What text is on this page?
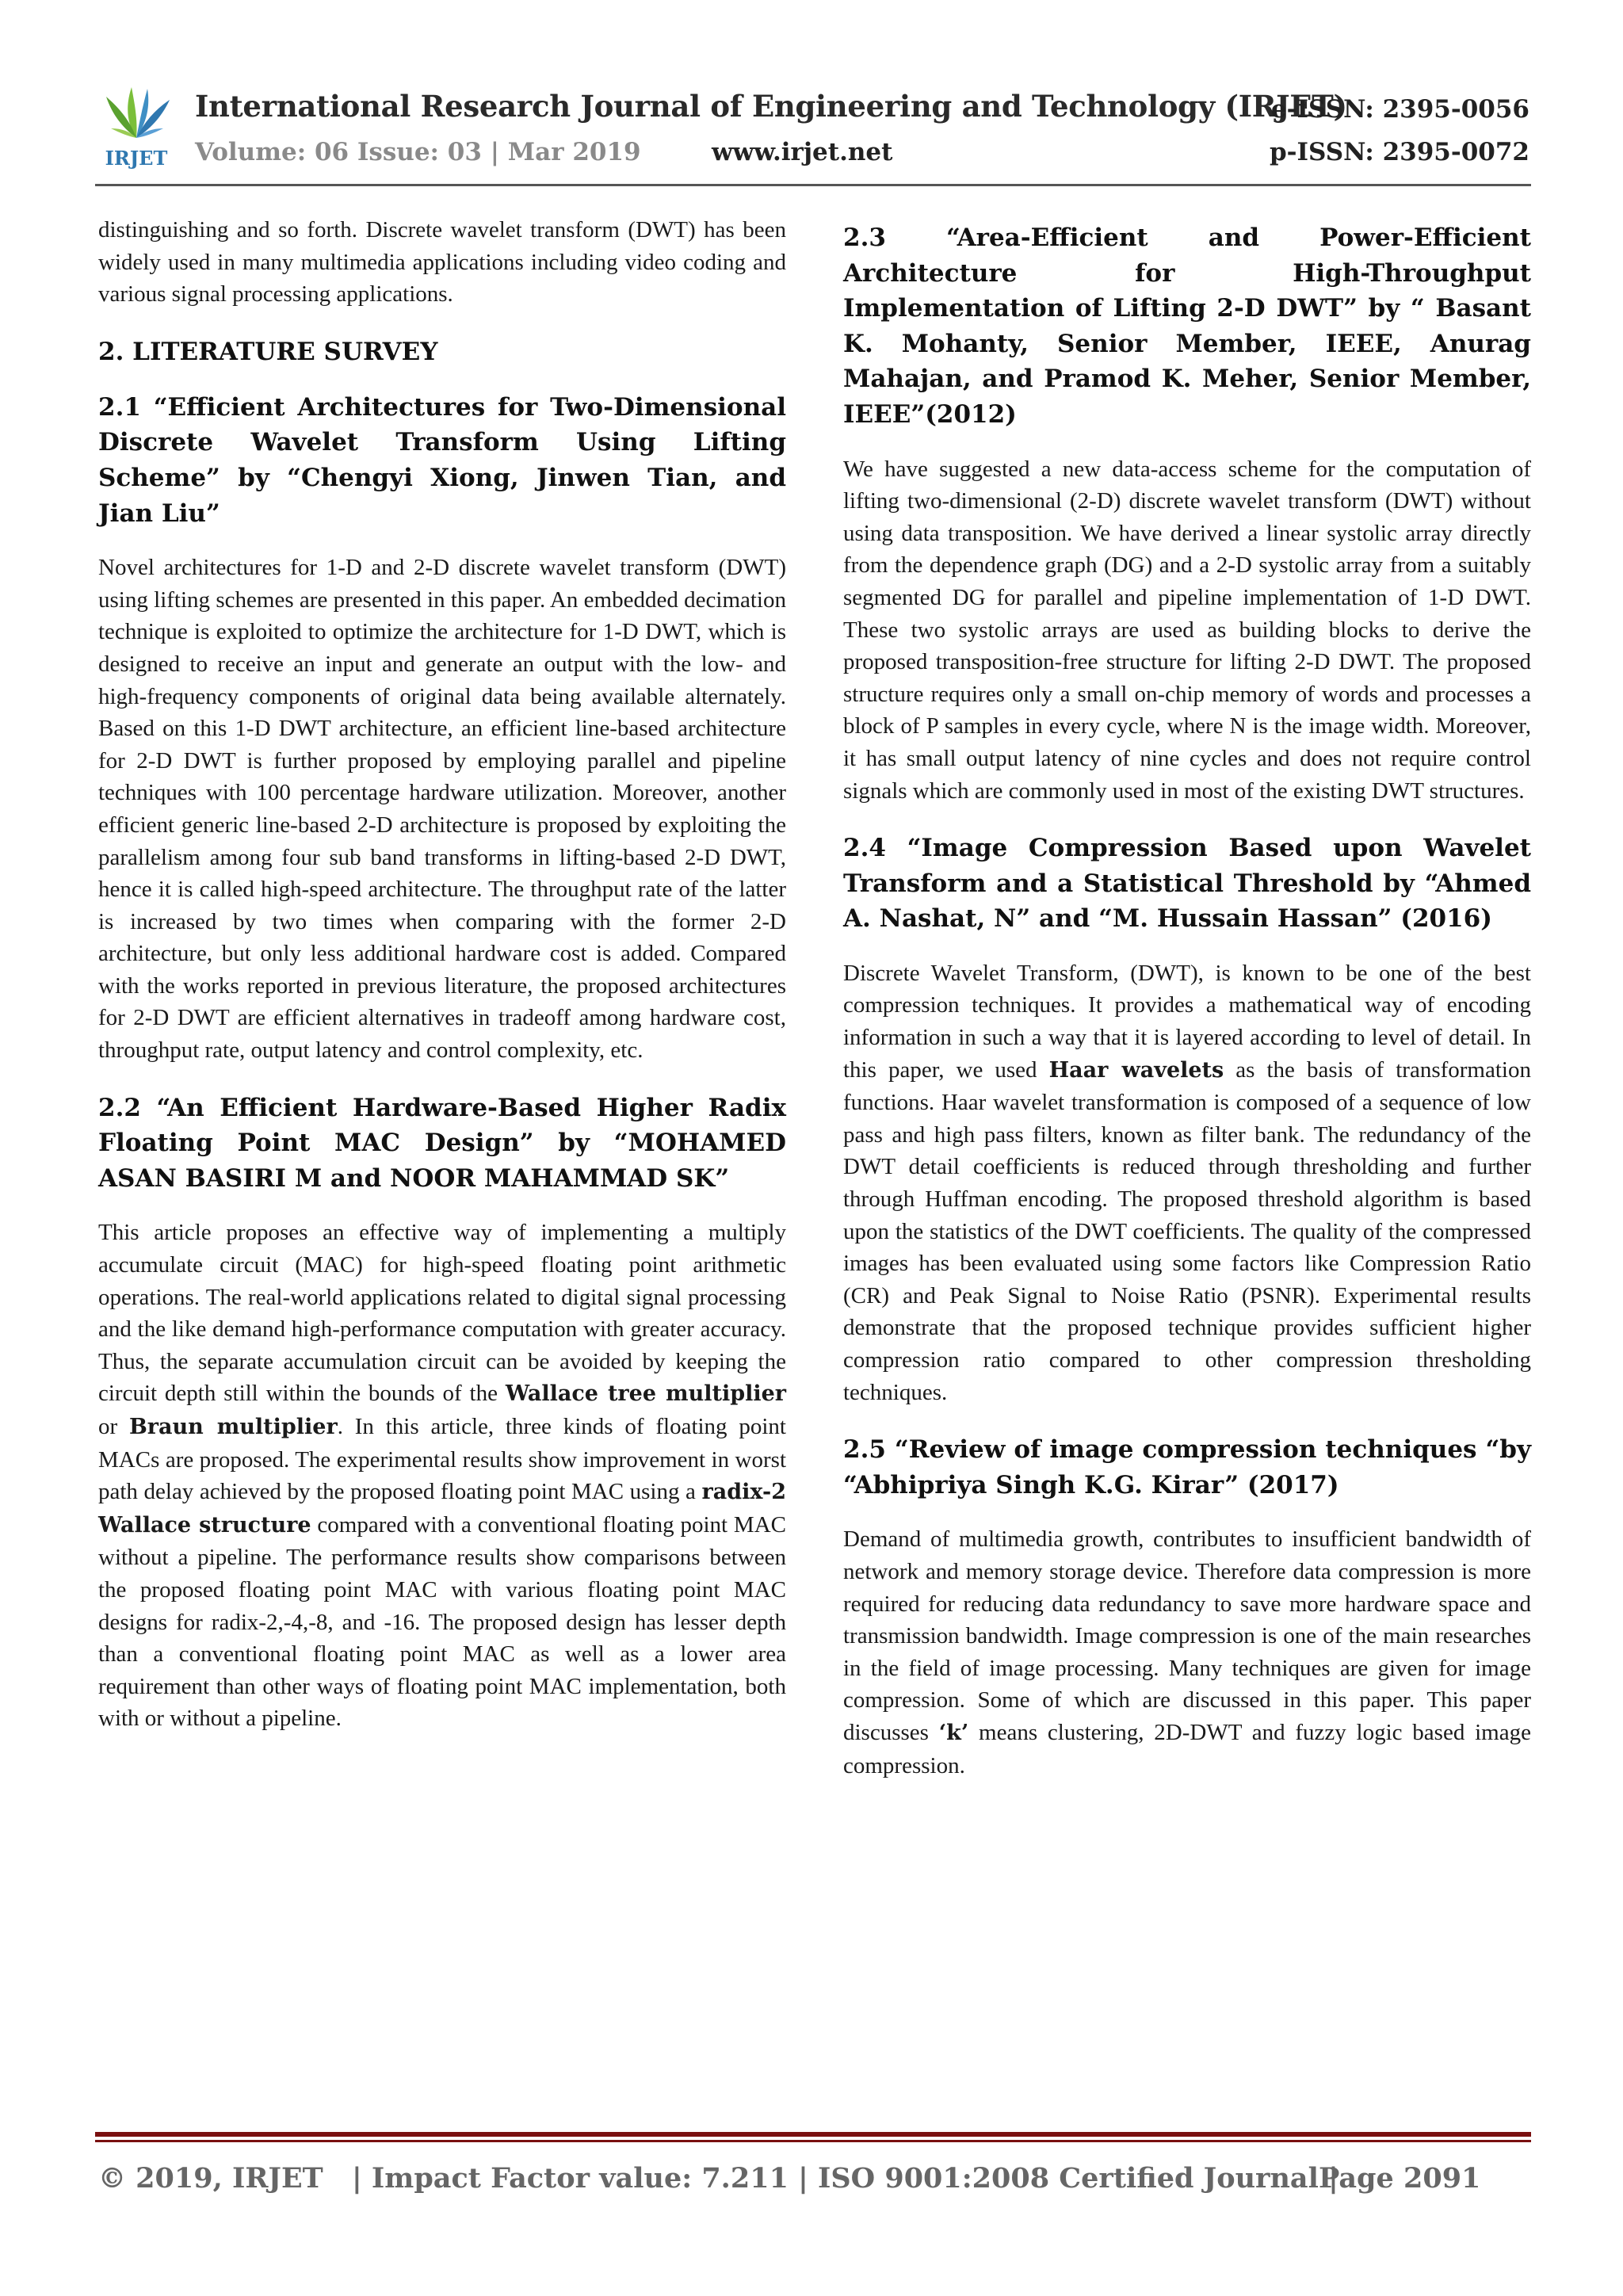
IRJET
International Research Journal of Engineering and Technology (IRJET)
e-ISSN: 2395-0056
Volume: 06 Issue: 03 | Mar 2019	www.irjet.net	p-ISSN: 2395-0072

distinguishing and so forth. Discrete wavelet transform (DWT) has been widely used in many multimedia applications including video coding and various signal processing applications.

2. LITERATURE SURVEY
2.1 “Efficient Architectures for Two-Dimensional Discrete Wavelet Transform Using Lifting Scheme” by “Chengyi Xiong, Jinwen Tian, and Jian Liu”

Novel architectures for 1-D and 2-D discrete wavelet transform (DWT) using lifting schemes are presented in this paper. An embedded decimation technique is exploited to optimize the architecture for 1-D DWT, which is designed to receive an input and generate an output with the low- and high-frequency components of original data being available alternately. Based on this 1-D DWT architecture, an efficient line-based architecture for 2-D DWT is further proposed by employing parallel and pipeline techniques with 100 percentage hardware utilization. Moreover, another efficient generic line-based 2-D architecture is proposed by exploiting the parallelism among four sub band transforms in lifting-based 2-D DWT, hence it is called high-speed architecture. The throughput rate of the latter is increased by two times when comparing with the former 2-D architecture, but only less additional hardware cost is added. Compared with the works reported in previous literature, the proposed architectures for 2-D DWT are efficient alternatives in tradeoff among hardware cost, throughput rate, output latency and control complexity, etc.

2.2 “An Efficient Hardware-Based Higher Radix Floating Point MAC Design” by “MOHAMED ASAN BASIRI M and NOOR MAHAMMAD SK”

This article proposes an effective way of implementing a multiply accumulate circuit (MAC) for high-speed floating point arithmetic operations. The real-world applications related to digital signal processing and the like demand high-performance computation with greater accuracy. Thus, the separate accumulation circuit can be avoided by keeping the circuit depth still within the bounds of the Wallace tree multiplier or Braun multiplier. In this article, three kinds of floating point MACs are proposed. The experimental results show improvement in worst path delay achieved by the proposed floating point MAC using a radix-2 Wallace structure compared with a conventional floating point MAC without a pipeline. The performance results show comparisons between the proposed floating point MAC with various floating point MAC designs for radix-2,-4,-8, and -16. The proposed design has lesser depth than a conventional floating point MAC as well as a lower area requirement than other ways of floating point MAC implementation, both with or without a pipeline.

2.3 “Area-Efficient and Power-Efficient Architecture for High-Throughput Implementation of Lifting 2-D DWT” by “ Basant K. Mohanty, Senior Member, IEEE, Anurag Mahajan, and Pramod K. Meher, Senior Member, IEEE”(2012)

We have suggested a new data-access scheme for the computation of lifting two-dimensional (2-D) discrete wavelet transform (DWT) without using data transposition. We have derived a linear systolic array directly from the dependence graph (DG) and a 2-D systolic array from a suitably segmented DG for parallel and pipeline implementation of 1-D DWT. These two systolic arrays are used as building blocks to derive the proposed transposition-free structure for lifting 2-D DWT. The proposed structure requires only a small on-chip memory of words and processes a block of P samples in every cycle, where N is the image width. Moreover, it has small output latency of nine cycles and does not require control signals which are commonly used in most of the existing DWT structures.

2.4 “Image Compression Based upon Wavelet Transform and a Statistical Threshold by “Ahmed A. Nashat, N” and “M. Hussain Hassan” (2016)

Discrete Wavelet Transform, (DWT), is known to be one of the best compression techniques. It provides a mathematical way of encoding information in such a way that it is layered according to level of detail. In this paper, we used Haar wavelets as the basis of transformation functions. Haar wavelet transformation is composed of a sequence of low pass and high pass filters, known as filter bank. The redundancy of the DWT detail coefficients is reduced through thresholding and further through Huffman encoding. The proposed threshold algorithm is based upon the statistics of the DWT coefficients. The quality of the compressed images has been evaluated using some factors like Compression Ratio (CR) and Peak Signal to Noise Ratio (PSNR). Experimental results demonstrate that the proposed technique provides sufficient higher compression ratio compared to other compression thresholding techniques.

2.5 “Review of image compression techniques “by “Abhipriya Singh K.G. Kirar” (2017)

Demand of multimedia growth, contributes to insufficient bandwidth of network and memory storage device. Therefore data compression is more required for reducing data redundancy to save more hardware space and transmission bandwidth. Image compression is one of the main researches in the field of image processing. Many techniques are given for image compression. Some of which are discussed in this paper. This paper discusses ‘k’ means clustering, 2D-DWT and fuzzy logic based image compression.

© 2019, IRJET | Impact Factor value: 7.211 | ISO 9001:2008 Certified Journal |Page 2091
